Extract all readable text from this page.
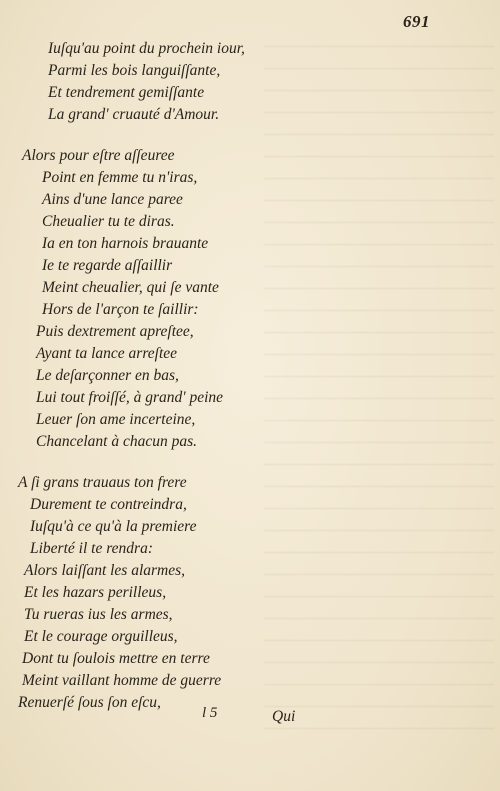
691
Iuſqu'au point du prochein iour,
Parmi les bois languiſſante,
Et tendrement gemiſſante
La grand' cruauté d'Amour.
Alors pour eſtre aſſeuree
Point en femme tu n'iras,
Ains d'une lance paree
Cheualier tu te diras.
Ia en ton harnois brauante
Ie te regarde aſſaillir
Meint cheualier, qui ſe vante
Hors de l'arçon te ſaillir:
Puis dextrement apreſtee,
Ayant ta lance arreſtee
Le deſarçonner en bas,
Lui tout froiſſé, à grand' peine
Leuer ſon ame incerteine,
Chancelant à chacun pas.
A ſi grans trauaus ton frere
Durement te contreindra,
Iuſqu'à ce qu'à la premiere
Liberté il te rendra:
Alors laiſſant les alarmes,
Et les hazars perilleus,
Tu rueras ius les armes,
Et le courage orguilleus,
Dont tu ſoulois mettre en terre
Meint vaillant homme de guerre
Renuerſé ſous ſon eſcu,
l 5	Qui
